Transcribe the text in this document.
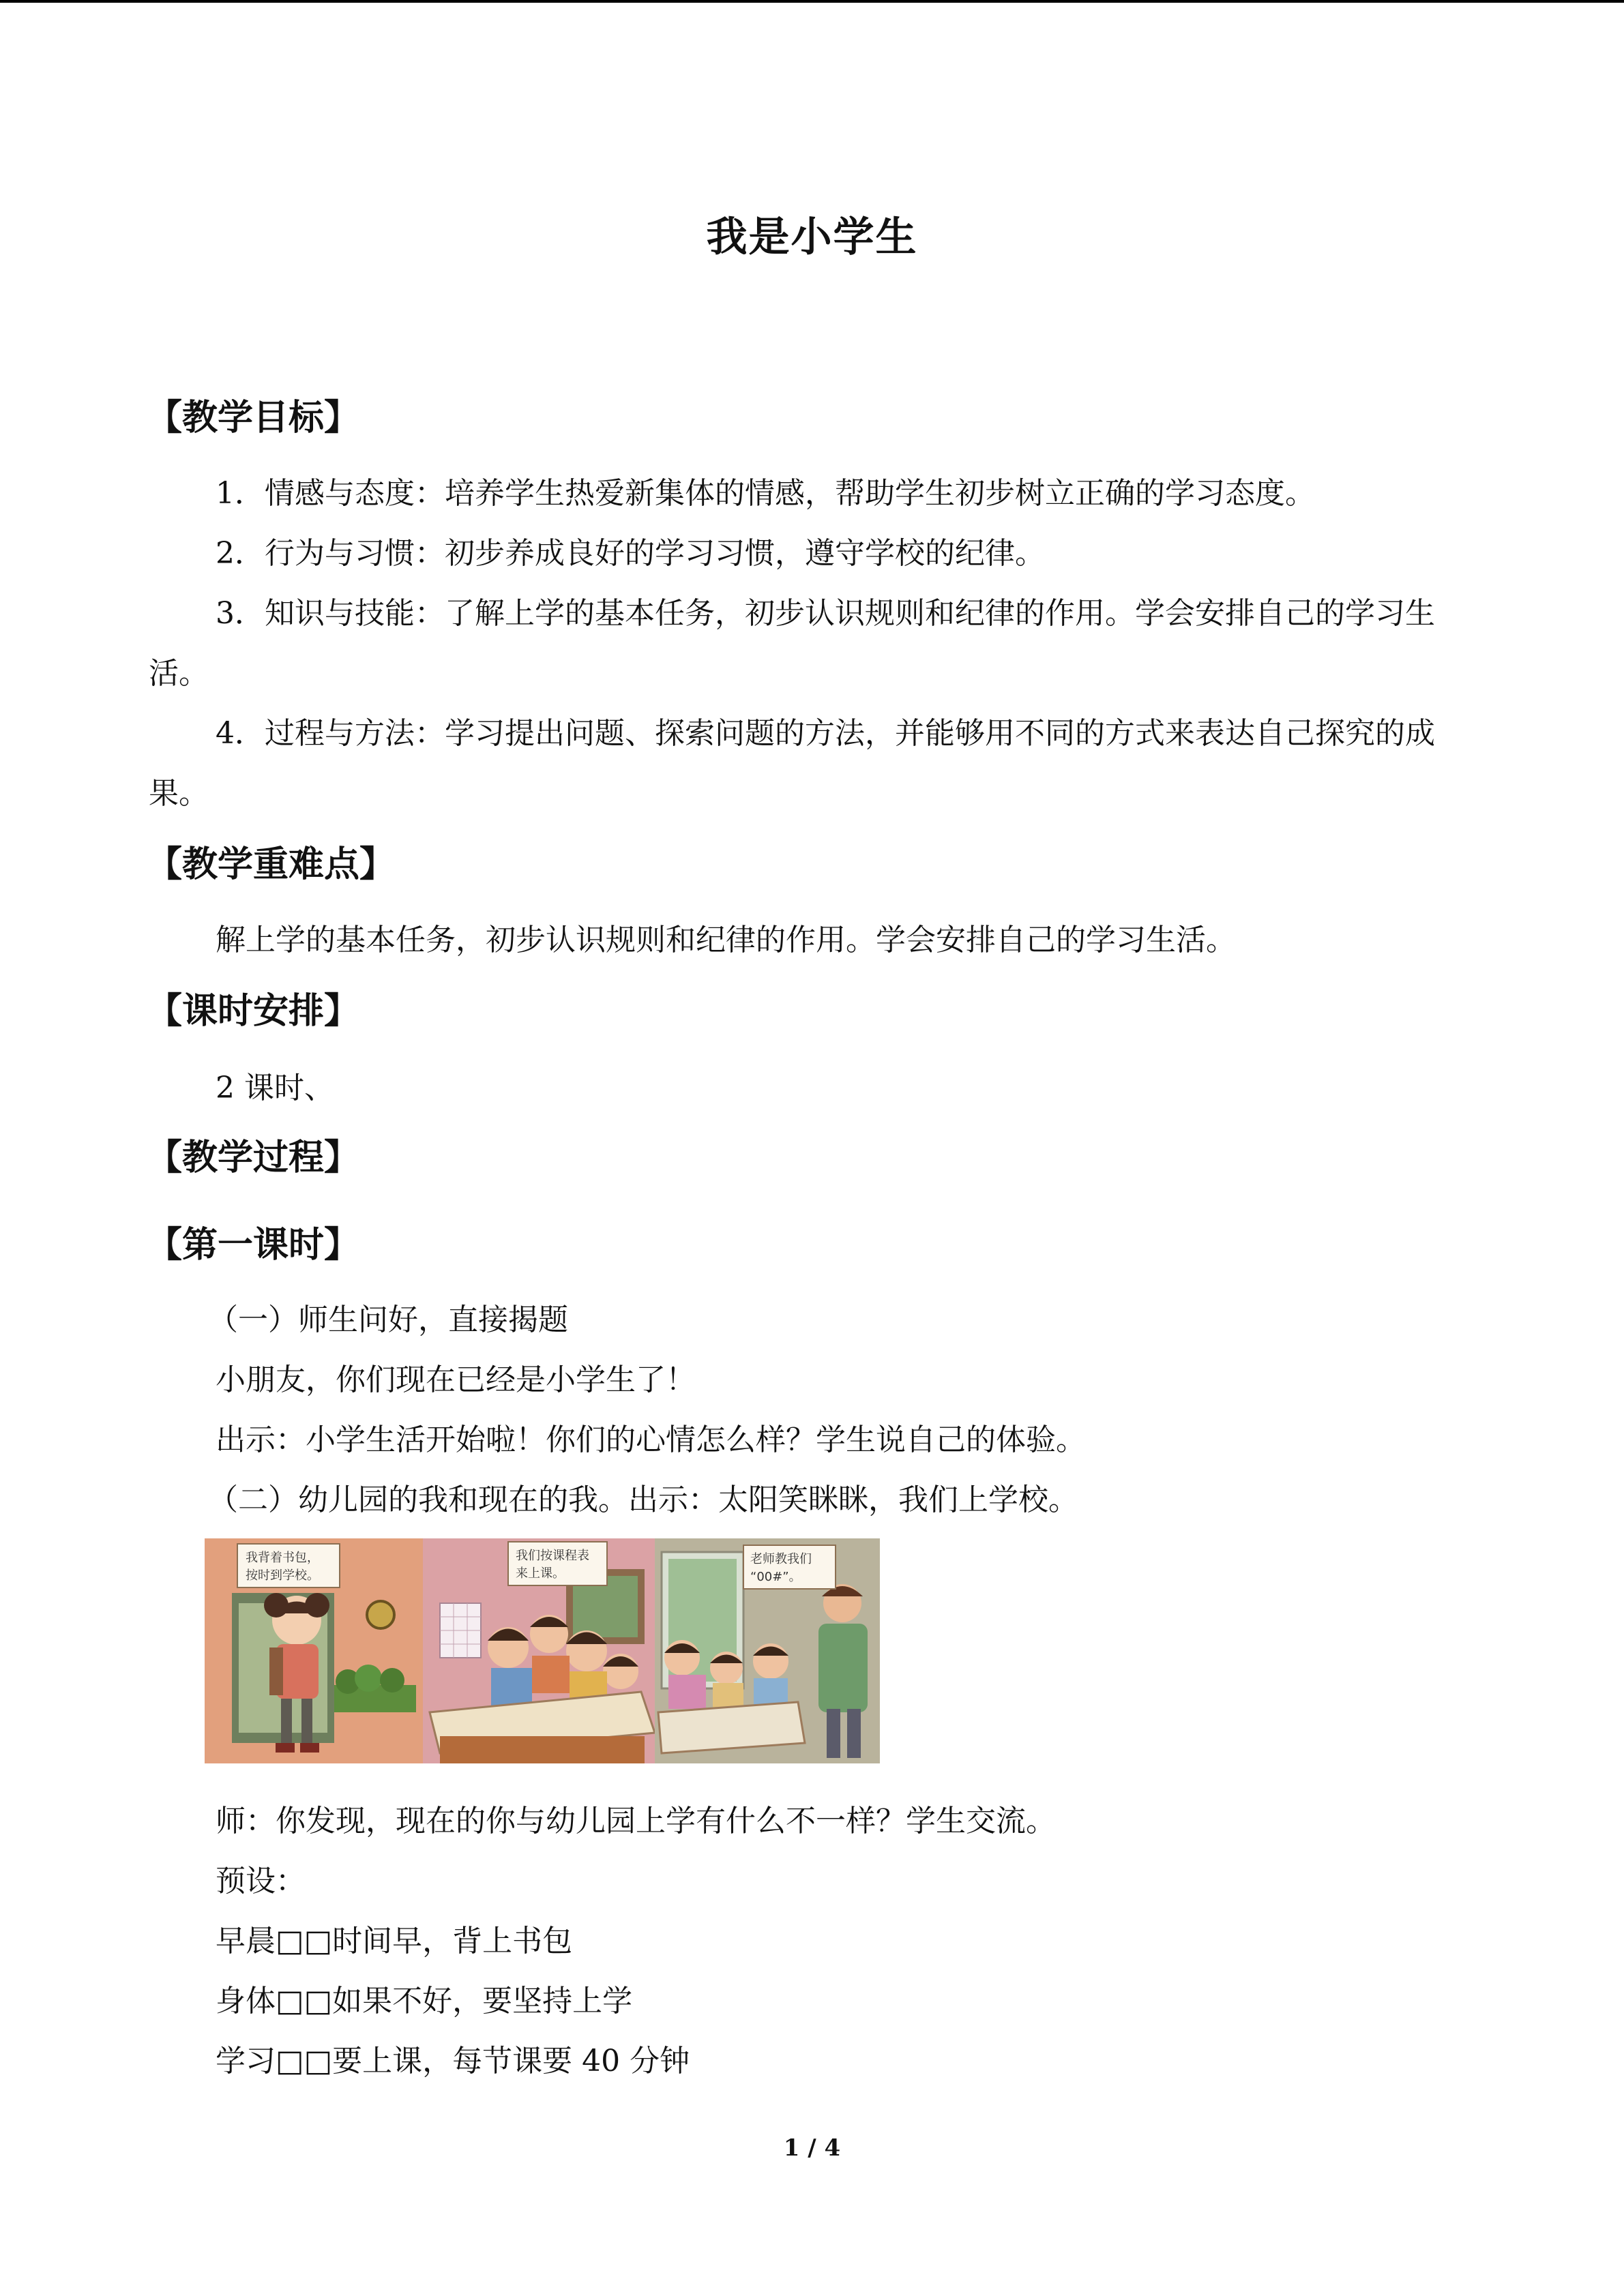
我是小学生
【教学目标】

1．情感与态度：培养学生热爱新集体的情感，帮助学生初步树立正确的学习态度。

2．行为与习惯：初步养成良好的学习习惯，遵守学校的纪律。

3．知识与技能：了解上学的基本任务，初步认识规则和纪律的作用。学会安排自己的学习生活。

4．过程与方法：学习提出问题、探索问题的方法，并能够用不同的方式来表达自己探究的成果。

【教学重难点】

解上学的基本任务，初步认识规则和纪律的作用。学会安排自己的学习生活。

【课时安排】

2 课时、

【教学过程】
【第一课时】
（一）师生问好，直接揭题
小朋友，你们现在已经是小学生了！
出示：小学生活开始啦！你们的心情怎么样？学生说自己的体验。
（二）幼儿园的我和现在的我。出示：太阳笑眯眯，我们上学校。
我背着书包，
按时到学校。
我们按课程表
来上课。
老师教我们
“00#”。
师：你发现，现在的你与幼儿园上学有什么不一样？学生交流。
预设：
早晨□□时间早，背上书包
身体□□如果不好，要坚持上学
学习□□要上课，每节课要 40 分钟
1 / 4
